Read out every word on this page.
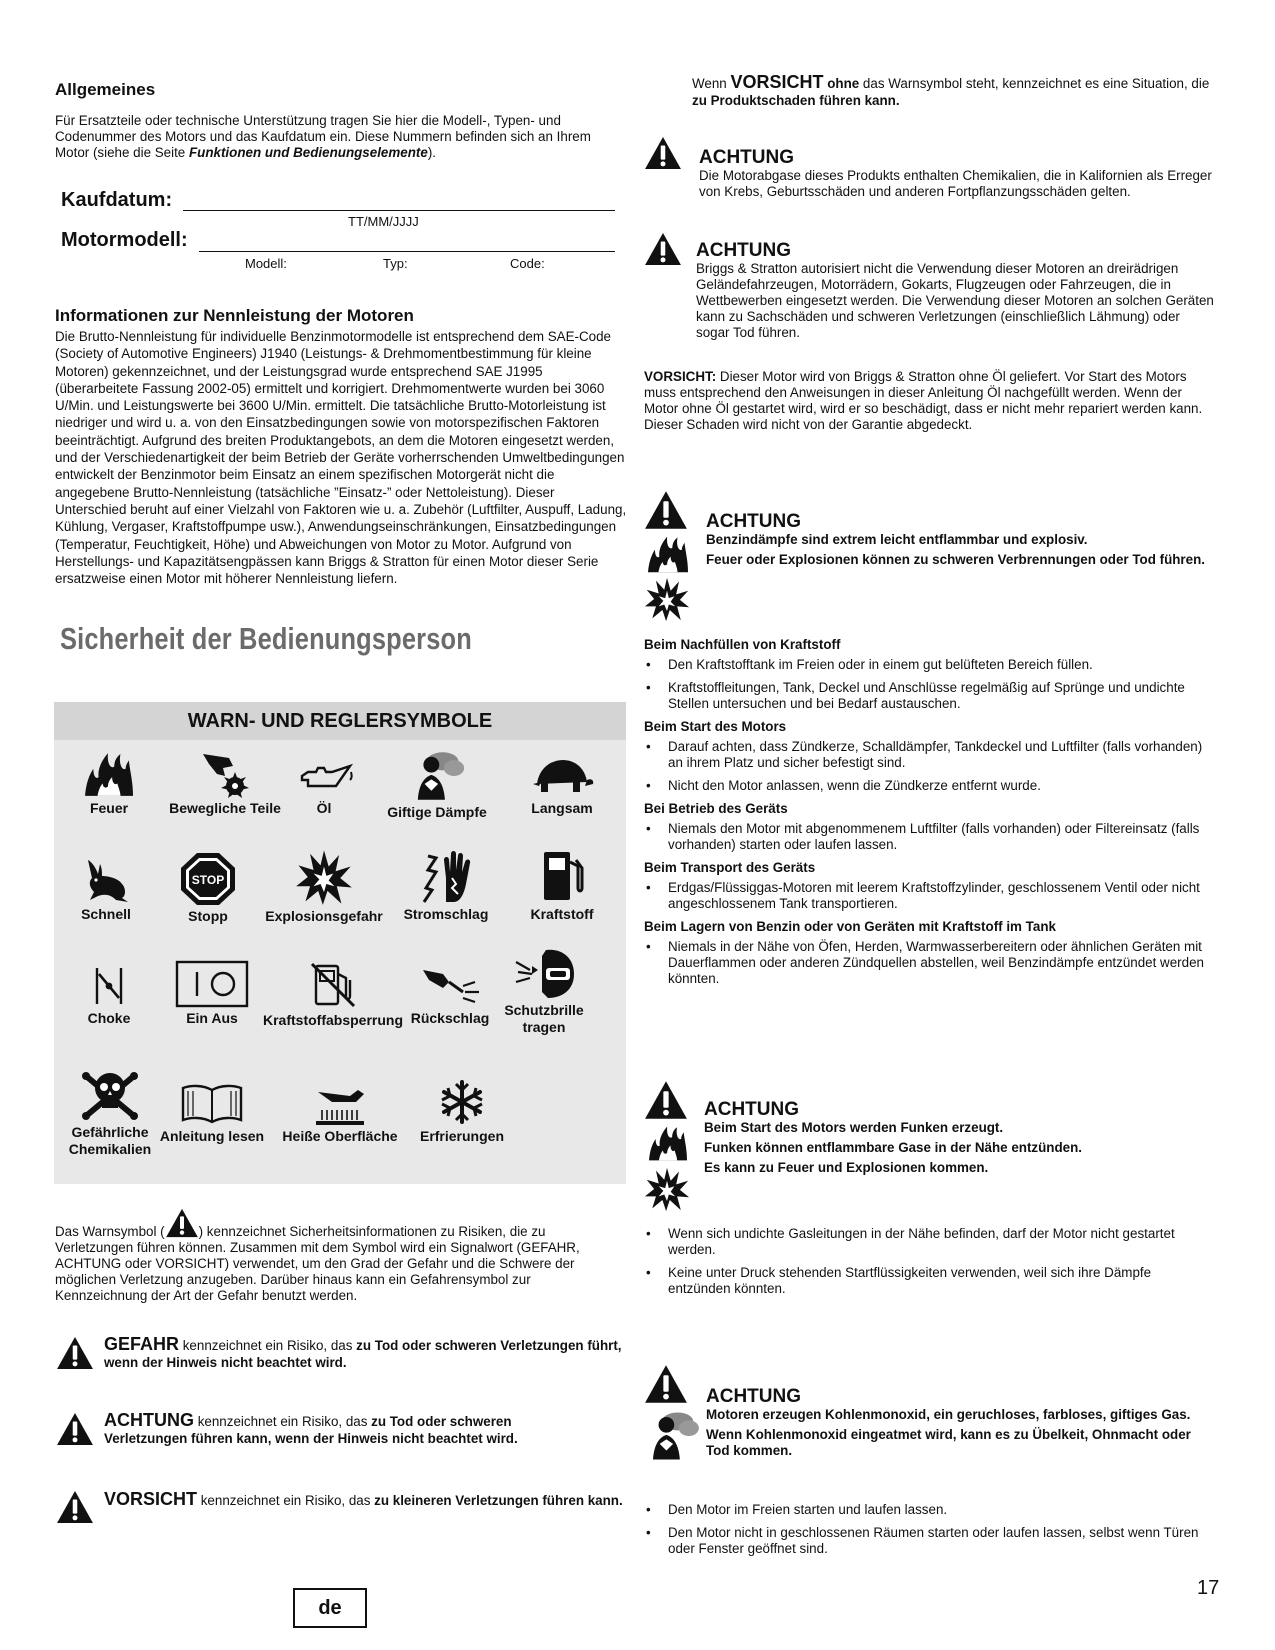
Allgemeines

Für Ersatzteile oder technische Unterstützung tragen Sie hier die Modell-, Typen- und Codenummer des Motors und das Kaufdatum ein. Diese Nummern befinden sich an Ihrem Motor (siehe die Seite Funktionen und Bedienungselemente).

Kaufdatum:
TT/MM/JJJJ
Motormodell:
Modell:	Typ:	Code:
Informationen zur Nennleistung der Motoren

Die Brutto-Nennleistung für individuelle Benzinmotormodelle ist entsprechend dem SAE-Code (Society of Automotive Engineers) J1940 (Leistungs- & Drehmomentbestimmung für kleine Motoren) gekennzeichnet, und der Leistungsgrad wurde entsprechend SAE J1995 (überarbeitete Fassung 2002-05) ermittelt und korrigiert. Drehmomentwerte wurden bei 3060 U/Min. und Leistungswerte bei 3600 U/Min. ermittelt. Die tatsächliche Brutto-Motorleistung ist niedriger und wird u. a. von den Einsatzbedingungen sowie von motorspezifischen Faktoren beeinträchtigt. Aufgrund des breiten Produktangebots, an dem die Motoren eingesetzt werden, und der Verschiedenartigkeit der beim Betrieb der Geräte vorherrschenden Umweltbedingungen entwickelt der Benzinmotor beim Einsatz an einem spezifischen Motorgerät nicht die angegebene Brutto-Nennleistung (tatsächliche ”Einsatz-” oder Nettoleistung). Dieser Unterschied beruht auf einer Vielzahl von Faktoren wie u. a. Zubehör (Luftfilter, Auspuff, Ladung, Kühlung, Vergaser, Kraftstoffpumpe usw.), Anwendungseinschränkungen, Einsatzbedingungen (Temperatur, Feuchtigkeit, Höhe) und Abweichungen von Motor zu Motor. Aufgrund von Herstellungs- und Kapazitätsengpässen kann Briggs & Stratton für einen Motor dieser Serie ersatzweise einen Motor mit höherer Nennleistung liefern.

Sicherheit der Bedienungsperson
WARN- UND REGLERSYMBOLE
Feuer	Bewegliche Teile	Öl	Giftige Dämpfe	Langsam
Schnell
STOP
Stopp	Explosionsgefahr	Stromschlag	Kraftstoff
Choke	Ein Aus	Kraftstoffabsperrung Rückschlag	Schutzbrille tragen
Gefährliche Chemikalien
Anleitung lesen	Heiße Oberfläche	Erfrierungen
Das Warnsymbol (	) kennzeichnet Sicherheitsinformationen zu Risiken, die zu Verletzungen führen können. Zusammen mit dem Symbol wird ein Signalwort (GEFAHR, ACHTUNG oder VORSICHT) verwendet, um den Grad der Gefahr und die Schwere der möglichen Verletzung anzugeben. Darüber hinaus kann ein Gefahrensymbol zur Kennzeichnung der Art der Gefahr benutzt werden.
GEFAHR kennzeichnet ein Risiko, das zu Tod oder schweren Verletzungen führt, wenn der Hinweis nicht beachtet wird.
ACHTUNG kennzeichnet ein Risiko, das zu Tod oder schweren Verletzungen führen kann, wenn der Hinweis nicht beachtet wird.
VORSICHT kennzeichnet ein Risiko, das zu kleineren Verletzungen führen kann.
Wenn VORSICHT ohne das Warnsymbol steht, kennzeichnet es eine Situation, die zu Produktschaden führen kann.
ACHTUNG

Die Motorabgase dieses Produkts enthalten Chemikalien, die in Kalifornien als Erreger von Krebs, Geburtsschäden und anderen Fortpflanzungsschäden gelten.

ACHTUNG

Briggs & Stratton autorisiert nicht die Verwendung dieser Motoren an dreirädrigen Geländefahrzeugen, Motorrädern, Gokarts, Flugzeugen oder Fahrzeugen, die in Wettbewerben eingesetzt werden. Die Verwendung dieser Motoren an solchen Geräten kann zu Sachschäden und schweren Verletzungen (einschließlich Lähmung) oder sogar Tod führen.

VORSICHT: Dieser Motor wird von Briggs & Stratton ohne Öl geliefert. Vor Start des Motors muss entsprechend den Anweisungen in dieser Anleitung Öl nachgefüllt werden. Wenn der Motor ohne Öl gestartet wird, wird er so beschädigt, dass er nicht mehr repariert werden kann. Dieser Schaden wird nicht von der Garantie abgedeckt.
ACHTUNG

Benzindämpfe sind extrem leicht entflammbar und explosiv.

Feuer oder Explosionen können zu schweren Verbrennungen oder Tod führen.

Beim Nachfüllen von Kraftstoff
• Den Kraftstofftank im Freien oder in einem gut belüfteten Bereich füllen.
• Kraftstoffleitungen, Tank, Deckel und Anschlüsse regelmäßig auf Sprünge und undichte Stellen untersuchen und bei Bedarf austauschen.
Beim Start des Motors
• Darauf achten, dass Zündkerze, Schalldämpfer, Tankdeckel und Luftfilter (falls vorhanden) an ihrem Platz und sicher befestigt sind.
• Nicht den Motor anlassen, wenn die Zündkerze entfernt wurde.
Bei Betrieb des Geräts
• Niemals den Motor mit abgenommenem Luftfilter (falls vorhanden) oder Filtereinsatz (falls vorhanden) starten oder laufen lassen.
Beim Transport des Geräts
• Erdgas/Flüssiggas-Motoren mit leerem Kraftstoffzylinder, geschlossenem Ventil oder nicht angeschlossenem Tank transportieren.
Beim Lagern von Benzin oder von Geräten mit Kraftstoff im Tank
• Niemals in der Nähe von Öfen, Herden, Warmwasserbereitern oder ähnlichen Geräten mit Dauerflammen oder anderen Zündquellen abstellen, weil Benzindämpfe entzündet werden könnten.
ACHTUNG

Beim Start des Motors werden Funken erzeugt.

Funken können entflammbare Gase in der Nähe entzünden.

Es kann zu Feuer und Explosionen kommen.

• Wenn sich undichte Gasleitungen in der Nähe befinden, darf der Motor nicht gestartet werden.
• Keine unter Druck stehenden Startflüssigkeiten verwenden, weil sich ihre Dämpfe entzünden könnten.
ACHTUNG

Motoren erzeugen Kohlenmonoxid, ein geruchloses, farbloses, giftiges Gas.

Wenn Kohlenmonoxid eingeatmet wird, kann es zu Übelkeit, Ohnmacht oder Tod kommen.

• Den Motor im Freien starten und laufen lassen.
• Den Motor nicht in geschlossenen Räumen starten oder laufen lassen, selbst wenn Türen oder Fenster geöffnet sind.
de
17
